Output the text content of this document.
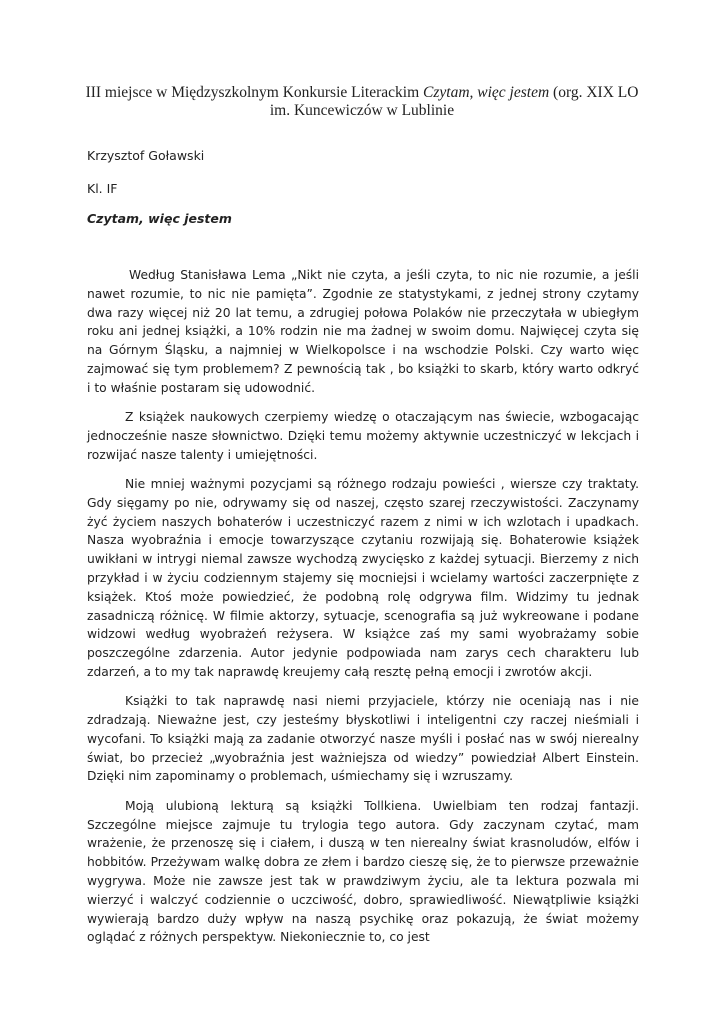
III miejsce w Międzyszkolnym Konkursie Literackim Czytam, więc jestem (org. XIX LO im. Kuncewiczów w Lublinie
Krzysztof Goławski
Kl. IF
Czytam, więc jestem

Według Stanisława Lema „Nikt nie czyta, a jeśli czyta, to nic nie rozumie, a jeśli nawet rozumie, to nic nie pamięta”. Zgodnie ze statystykami, z jednej strony czytamy dwa razy więcej niż 20 lat temu, a zdrugiej połowa Polaków nie przeczytała w ubiegłym roku ani jednej książki, a 10% rodzin nie ma żadnej w swoim domu. Najwięcej czyta się na Górnym Śląsku, a najmniej w Wielkopolsce i na wschodzie Polski. Czy warto więc zajmować się tym problemem? Z pewnością tak , bo książki to skarb, który warto odkryć i to właśnie postaram się udowodnić.

Z książek naukowych czerpiemy wiedzę o otaczającym nas świecie, wzbogacając jednocześnie nasze słownictwo. Dzięki temu możemy aktywnie uczestniczyć w lekcjach i rozwijać nasze talenty i umiejętności.

Nie mniej ważnymi pozycjami są różnego rodzaju powieści , wiersze czy traktaty. Gdy sięgamy po nie, odrywamy się od naszej, często szarej rzeczywistości. Zaczynamy żyć życiem naszych bohaterów i uczestniczyć razem z nimi w ich wzlotach i upadkach. Nasza wyobraźnia i emocje towarzyszące czytaniu rozwijają się. Bohaterowie książek uwikłani w intrygi niemal zawsze wychodzą zwycięsko z każdej sytuacji. Bierzemy z nich przykład i w życiu codziennym stajemy się mocniejsi i wcielamy wartości zaczerpnięte z książek. Ktoś może powiedzieć, że podobną rolę odgrywa film. Widzimy tu jednak zasadniczą różnicę. W filmie aktorzy, sytuacje, scenografia są już wykreowane i podane widzowi według wyobrażeń reżysera. W książce zaś my sami wyobrażamy sobie poszczególne zdarzenia. Autor jedynie podpowiada nam zarys cech charakteru lub zdarzeń, a to my tak naprawdę kreujemy całą resztę pełną emocji i zwrotów akcji.

Książki to tak naprawdę nasi niemi przyjaciele, którzy nie oceniają nas i nie zdradzają. Nieważne jest, czy jesteśmy błyskotliwi i inteligentni czy raczej nieśmiali i wycofani. To książki mają za zadanie otworzyć nasze myśli i posłać nas w swój nierealny świat, bo przecież „wyobraźnia jest ważniejsza od wiedzy” powiedział Albert Einstein. Dzięki nim zapominamy o problemach, uśmiechamy się i wzruszamy.

Moją ulubioną lekturą są książki Tollkiena. Uwielbiam ten rodzaj fantazji. Szczególne miejsce zajmuje tu trylogia tego autora. Gdy zaczynam czytać, mam wrażenie, że przenoszę się i ciałem, i duszą w ten nierealny świat krasnoludów, elfów i hobbitów. Przeżywam walkę dobra ze złem i bardzo cieszę się, że to pierwsze przeważnie wygrywa. Może nie zawsze jest tak w prawdziwym życiu, ale ta lektura pozwala mi wierzyć i walczyć codziennie o uczciwość, dobro, sprawiedliwość. Niewątpliwie książki wywierają bardzo duży wpływ na naszą psychikę oraz pokazują, że świat możemy oglądać z różnych perspektyw. Niekoniecznie to, co jest
